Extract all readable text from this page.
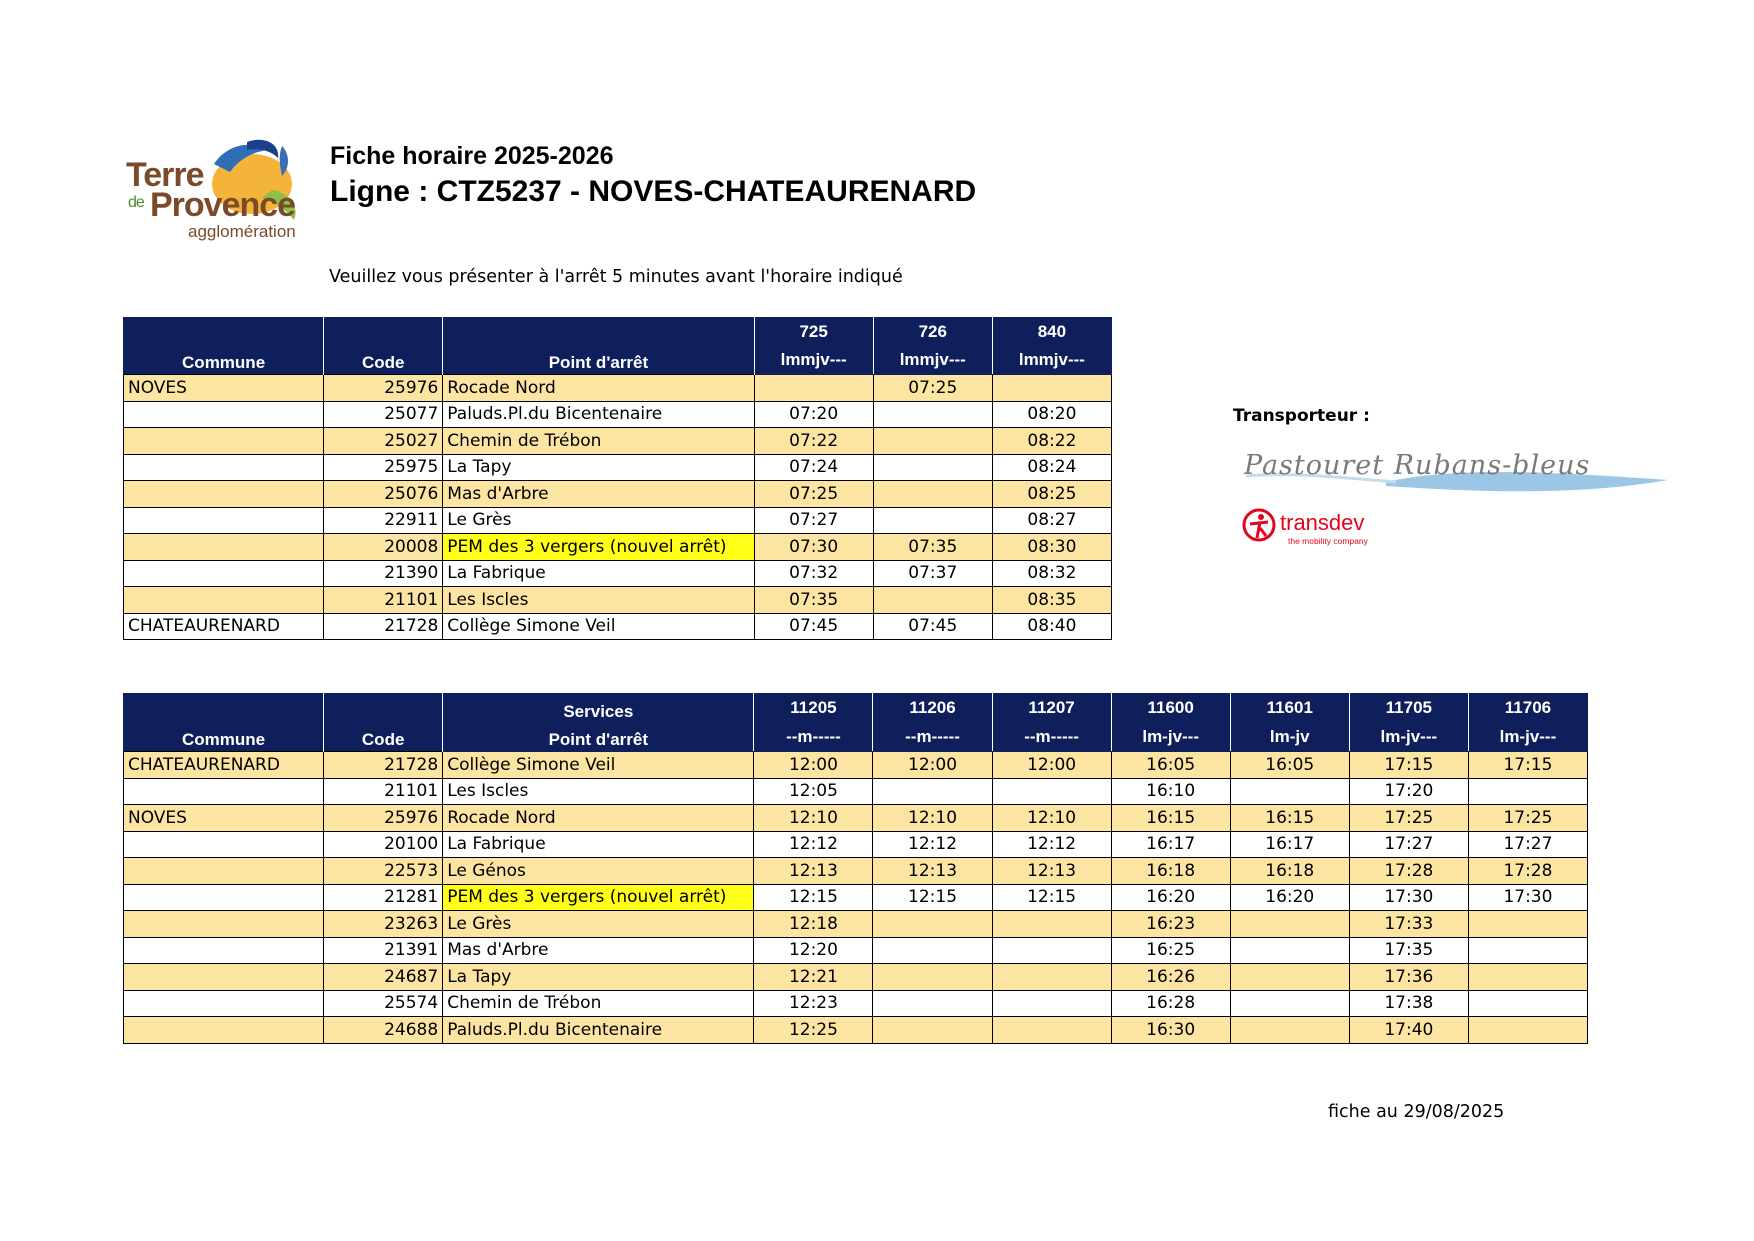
Terre
de Provence
agglomération
Fiche horaire 2025-2026
Ligne : CTZ5237 - NOVES-CHATEAURENARD
Veuillez vous présenter à l'arrêt 5 minutes avant l'horaire indiqué
Commune	Code	Point d'arrêt	725	726	840
			lmmjv---	lmmjv---	lmmjv---
NOVES	25976	Rocade Nord		07:25	
	25077	Paluds.Pl.du Bicentenaire	07:20		08:20
	25027	Chemin de Trébon	07:22		08:22
	25975	La Tapy	07:24		08:24
	25076	Mas d'Arbre	07:25		08:25
	22911	Le Grès	07:27		08:27
	20008	PEM des 3 vergers (nouvel arrêt)	07:30	07:35	08:30
	21390	La Fabrique	07:32	07:37	08:32
	21101	Les Iscles	07:35		08:35
CHATEAURENARD	21728	Collège Simone Veil	07:45	07:45	08:40
Commune	Code	Services	11205	11206	11207	11600	11601	11705	11706
		Point d'arrêt	--m-----	--m-----	--m-----	lm-jv---	lm-jv	lm-jv---	lm-jv---
CHATEAURENARD	21728	Collège Simone Veil	12:00	12:00	12:00	16:05	16:05	17:15	17:15
	21101	Les Iscles	12:05			16:10		17:20	
NOVES	25976	Rocade Nord	12:10	12:10	12:10	16:15	16:15	17:25	17:25
	20100	La Fabrique	12:12	12:12	12:12	16:17	16:17	17:27	17:27
	22573	Le Génos	12:13	12:13	12:13	16:18	16:18	17:28	17:28
	21281	PEM des 3 vergers (nouvel arrêt)	12:15	12:15	12:15	16:20	16:20	17:30	17:30
	23263	Le Grès	12:18			16:23		17:33	
	21391	Mas d'Arbre	12:20			16:25		17:35	
	24687	La Tapy	12:21			16:26		17:36	
	25574	Chemin de Trébon	12:23			16:28		17:38	
	24688	Paluds.Pl.du Bicentenaire	12:25			16:30		17:40	
Transporteur :
Pastouret Rubans-bleus
transdev
the mobility company
fiche au 29/08/2025
